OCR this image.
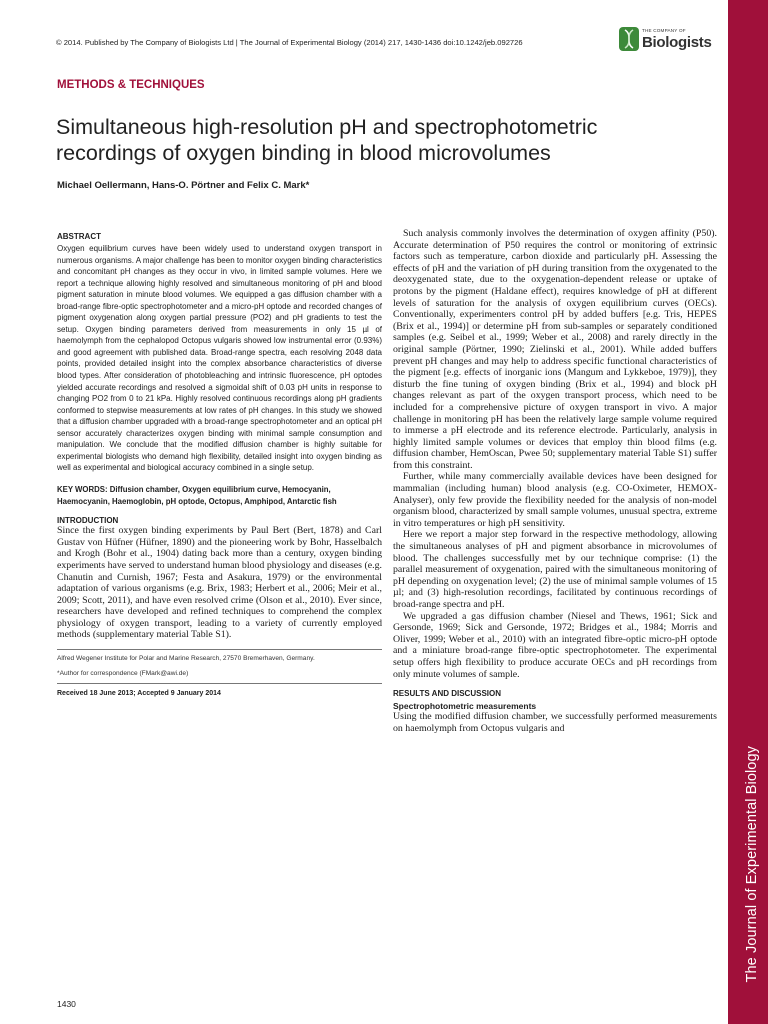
The Journal of Experimental Biology
© 2014. Published by The Company of Biologists Ltd | The Journal of Experimental Biology (2014) 217, 1430-1436 doi:10.1242/jeb.092726
THE COMPANY OF
Biologists
METHODS & TECHNIQUES
Simultaneous high-resolution pH and spectrophotometric recordings of oxygen binding in blood microvolumes
Michael Oellermann, Hans-O. Pörtner and Felix C. Mark*
ABSTRACT
Oxygen equilibrium curves have been widely used to understand oxygen transport in numerous organisms. A major challenge has been to monitor oxygen binding characteristics and concomitant pH changes as they occur in vivo, in limited sample volumes. Here we report a technique allowing highly resolved and simultaneous monitoring of pH and blood pigment saturation in minute blood volumes. We equipped a gas diffusion chamber with a broad-range fibre-optic spectrophotometer and a micro-pH optode and recorded changes of pigment oxygenation along oxygen partial pressure (PO2) and pH gradients to test the setup. Oxygen binding parameters derived from measurements in only 15 µl of haemolymph from the cephalopod Octopus vulgaris showed low instrumental error (0.93%) and good agreement with published data. Broad-range spectra, each resolving 2048 data points, provided detailed insight into the complex absorbance characteristics of diverse blood types. After consideration of photobleaching and intrinsic fluorescence, pH optodes yielded accurate recordings and resolved a sigmoidal shift of 0.03 pH units in response to changing PO2 from 0 to 21 kPa. Highly resolved continuous recordings along pH gradients conformed to stepwise measurements at low rates of pH changes. In this study we showed that a diffusion chamber upgraded with a broad-range spectrophotometer and an optical pH sensor accurately characterizes oxygen binding with minimal sample consumption and manipulation. We conclude that the modified diffusion chamber is highly suitable for experimental biologists who demand high flexibility, detailed insight into oxygen binding as well as experimental and biological accuracy combined in a single setup.
KEY WORDS: Diffusion chamber, Oxygen equilibrium curve, Hemocyanin, Haemocyanin, Haemoglobin, pH optode, Octopus, Amphipod, Antarctic fish
INTRODUCTION

Since the first oxygen binding experiments by Paul Bert (Bert, 1878) and Carl Gustav von Hüfner (Hüfner, 1890) and the pioneering work by Bohr, Hasselbalch and Krogh (Bohr et al., 1904) dating back more than a century, oxygen binding experiments have served to understand human blood physiology and diseases (e.g. Chanutin and Curnish, 1967; Festa and Asakura, 1979) or the environmental adaptation of various organisms (e.g. Brix, 1983; Herbert et al., 2006; Meir et al., 2009; Scott, 2011), and have even resolved crime (Olson et al., 2010). Ever since, researchers have developed and refined techniques to comprehend the complex physiology of oxygen transport, leading to a variety of currently employed methods (supplementary material Table S1).

Alfred Wegener Institute for Polar and Marine Research, 27570 Bremerhaven, Germany.
*Author for correspondence (FMark@awi.de)
Received 18 June 2013; Accepted 9 January 2014

Such analysis commonly involves the determination of oxygen affinity (P50). Accurate determination of P50 requires the control or monitoring of extrinsic factors such as temperature, carbon dioxide and particularly pH. Assessing the effects of pH and the variation of pH during transition from the oxygenated to the deoxygenated state, due to the oxygenation-dependent release or uptake of protons by the pigment (Haldane effect), requires knowledge of pH at different levels of saturation for the analysis of oxygen equilibrium curves (OECs). Conventionally, experimenters control pH by added buffers [e.g. Tris, HEPES (Brix et al., 1994)] or determine pH from sub-samples or separately conditioned samples (e.g. Seibel et al., 1999; Weber et al., 2008) and rarely directly in the original sample (Pörtner, 1990; Zielinski et al., 2001). While added buffers prevent pH changes and may help to address specific functional characteristics of the pigment [e.g. effects of inorganic ions (Mangum and Lykkeboe, 1979)], they disturb the fine tuning of oxygen binding (Brix et al., 1994) and block pH changes relevant as part of the oxygen transport process, which need to be included for a comprehensive picture of oxygen transport in vivo. A major challenge in monitoring pH has been the relatively large sample volume required to immerse a pH electrode and its reference electrode. Particularly, analysis in highly limited sample volumes or devices that employ thin blood films (e.g. diffusion chamber, HemOscan, Pwee 50; supplementary material Table S1) suffer from this constraint.

Further, while many commercially available devices have been designed for mammalian (including human) blood analysis (e.g. CO-Oximeter, HEMOX-Analyser), only few provide the flexibility needed for the analysis of non-model organism blood, characterized by small sample volumes, unusual spectra, extreme in vitro temperatures or high pH sensitivity.

Here we report a major step forward in the respective methodology, allowing the simultaneous analyses of pH and pigment absorbance in microvolumes of blood. The challenges successfully met by our technique comprise: (1) the parallel measurement of oxygenation, paired with the simultaneous monitoring of pH depending on oxygenation level; (2) the use of minimal sample volumes of 15 µl; and (3) high-resolution recordings, facilitated by continuous recordings of broad-range spectra and pH.

We upgraded a gas diffusion chamber (Niesel and Thews, 1961; Sick and Gersonde, 1969; Sick and Gersonde, 1972; Bridges et al., 1984; Morris and Oliver, 1999; Weber et al., 2010) with an integrated fibre-optic micro-pH optode and a miniature broad-range fibre-optic spectrophotometer. The experimental setup offers high flexibility to produce accurate OECs and pH recordings from only minute volumes of sample.

RESULTS AND DISCUSSION
Spectrophotometric measurements

Using the modified diffusion chamber, we successfully performed measurements on haemolymph from Octopus vulgaris and

1430
